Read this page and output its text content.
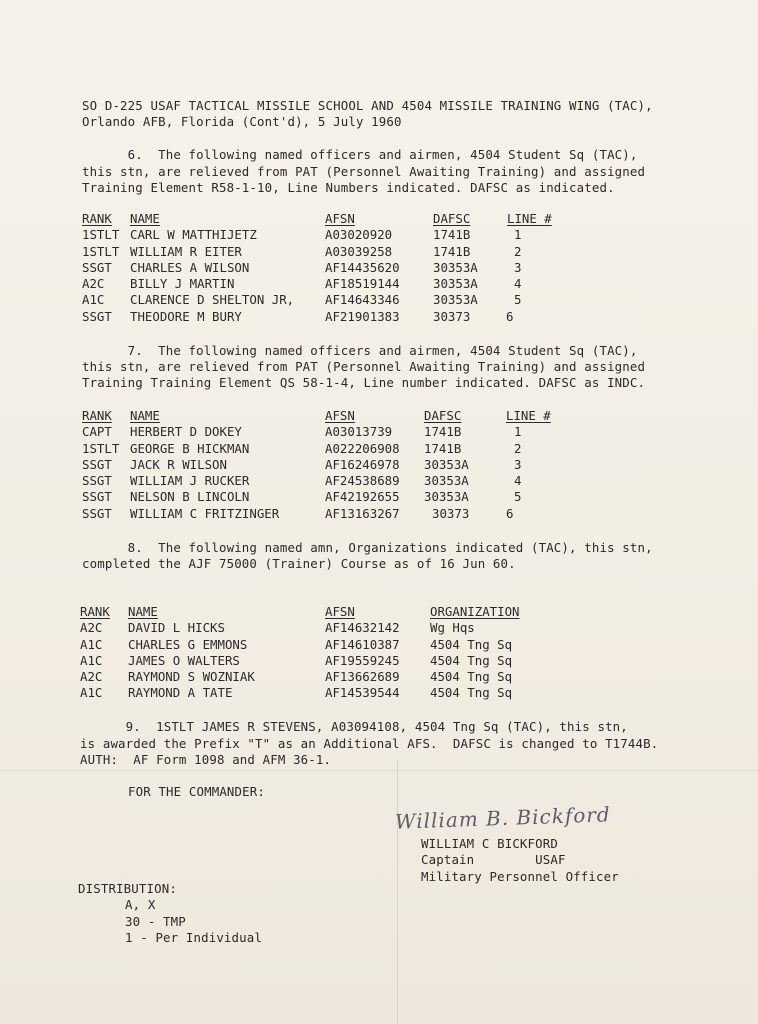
SO D-225 USAF TACTICAL MISSILE SCHOOL AND 4504 MISSILE TRAINING WING (TAC),
Orlando AFB, Florida (Cont'd), 5 July 1960
6.  The following named officers and airmen, 4504 Student Sq (TAC),
this stn, are relieved from PAT (Personnel Awaiting Training) and assigned
Training Element R58-1-10, Line Numbers indicated. DAFSC as indicated.
RANK NAME	AFSN	DAFSC	LINE #
1STLT CARL W MATTHIJETZ	A03020920	1741B	1
1STLT WILLIAM R EITER	A03039258	1741B	2
SSGT CHARLES A WILSON	AF14435620	30353A	3
A2C BILLY J MARTIN	AF18519144	30353A	4
A1C CLARENCE D SHELTON JR, AF14643346	30353A	5
SSGT THEODORE M BURY	AF21901383	30373	6
7.  The following named officers and airmen, 4504 Student Sq (TAC),
this stn, are relieved from PAT (Personnel Awaiting Training) and assigned
Training Training Element QS 58-1-4, Line number indicated. DAFSC as INDC.
RANK NAME	AFSN	DAFSC	LINE #
CAPT HERBERT D DOKEY	A03013739	1741B	1
1STLT GEORGE B HICKMAN	A022206908 1741B	2
SSGT JACK R WILSON	AF16246978 30353A	3
SSGT WILLIAM J RUCKER	AF24538689 30353A	4
SSGT NELSON B LINCOLN	AF42192655 30353A	5
SSGT WILLIAM C FRITZINGER	AF13163267	30373	6
8.  The following named amn, Organizations indicated (TAC), this stn,
completed the AJF 75000 (Trainer) Course as of 16 Jun 60.
RANK NAME	AFSN	ORGANIZATION
A2C DAVID L HICKS	AF14632142 Wg Hqs
A1C CHARLES G EMMONS	AF14610387 4504 Tng Sq
A1C JAMES O WALTERS	AF19559245 4504 Tng Sq
A2C RAYMOND S WOZNIAK	AF13662689 4504 Tng Sq
A1C RAYMOND A TATE	AF14539544 4504 Tng Sq
9.  1STLT JAMES R STEVENS, A03094108, 4504 Tng Sq (TAC), this stn,
is awarded the Prefix "T" as an Additional AFS.  DAFSC is changed to T1744B.
AUTH:  AF Form 1098 and AFM 36-1.
FOR THE COMMANDER:
William B. Bickford
WILLIAM C BICKFORD
Captain        USAF
Military Personnel Officer
DISTRIBUTION:
A, X
30 - TMP
1 - Per Individual
